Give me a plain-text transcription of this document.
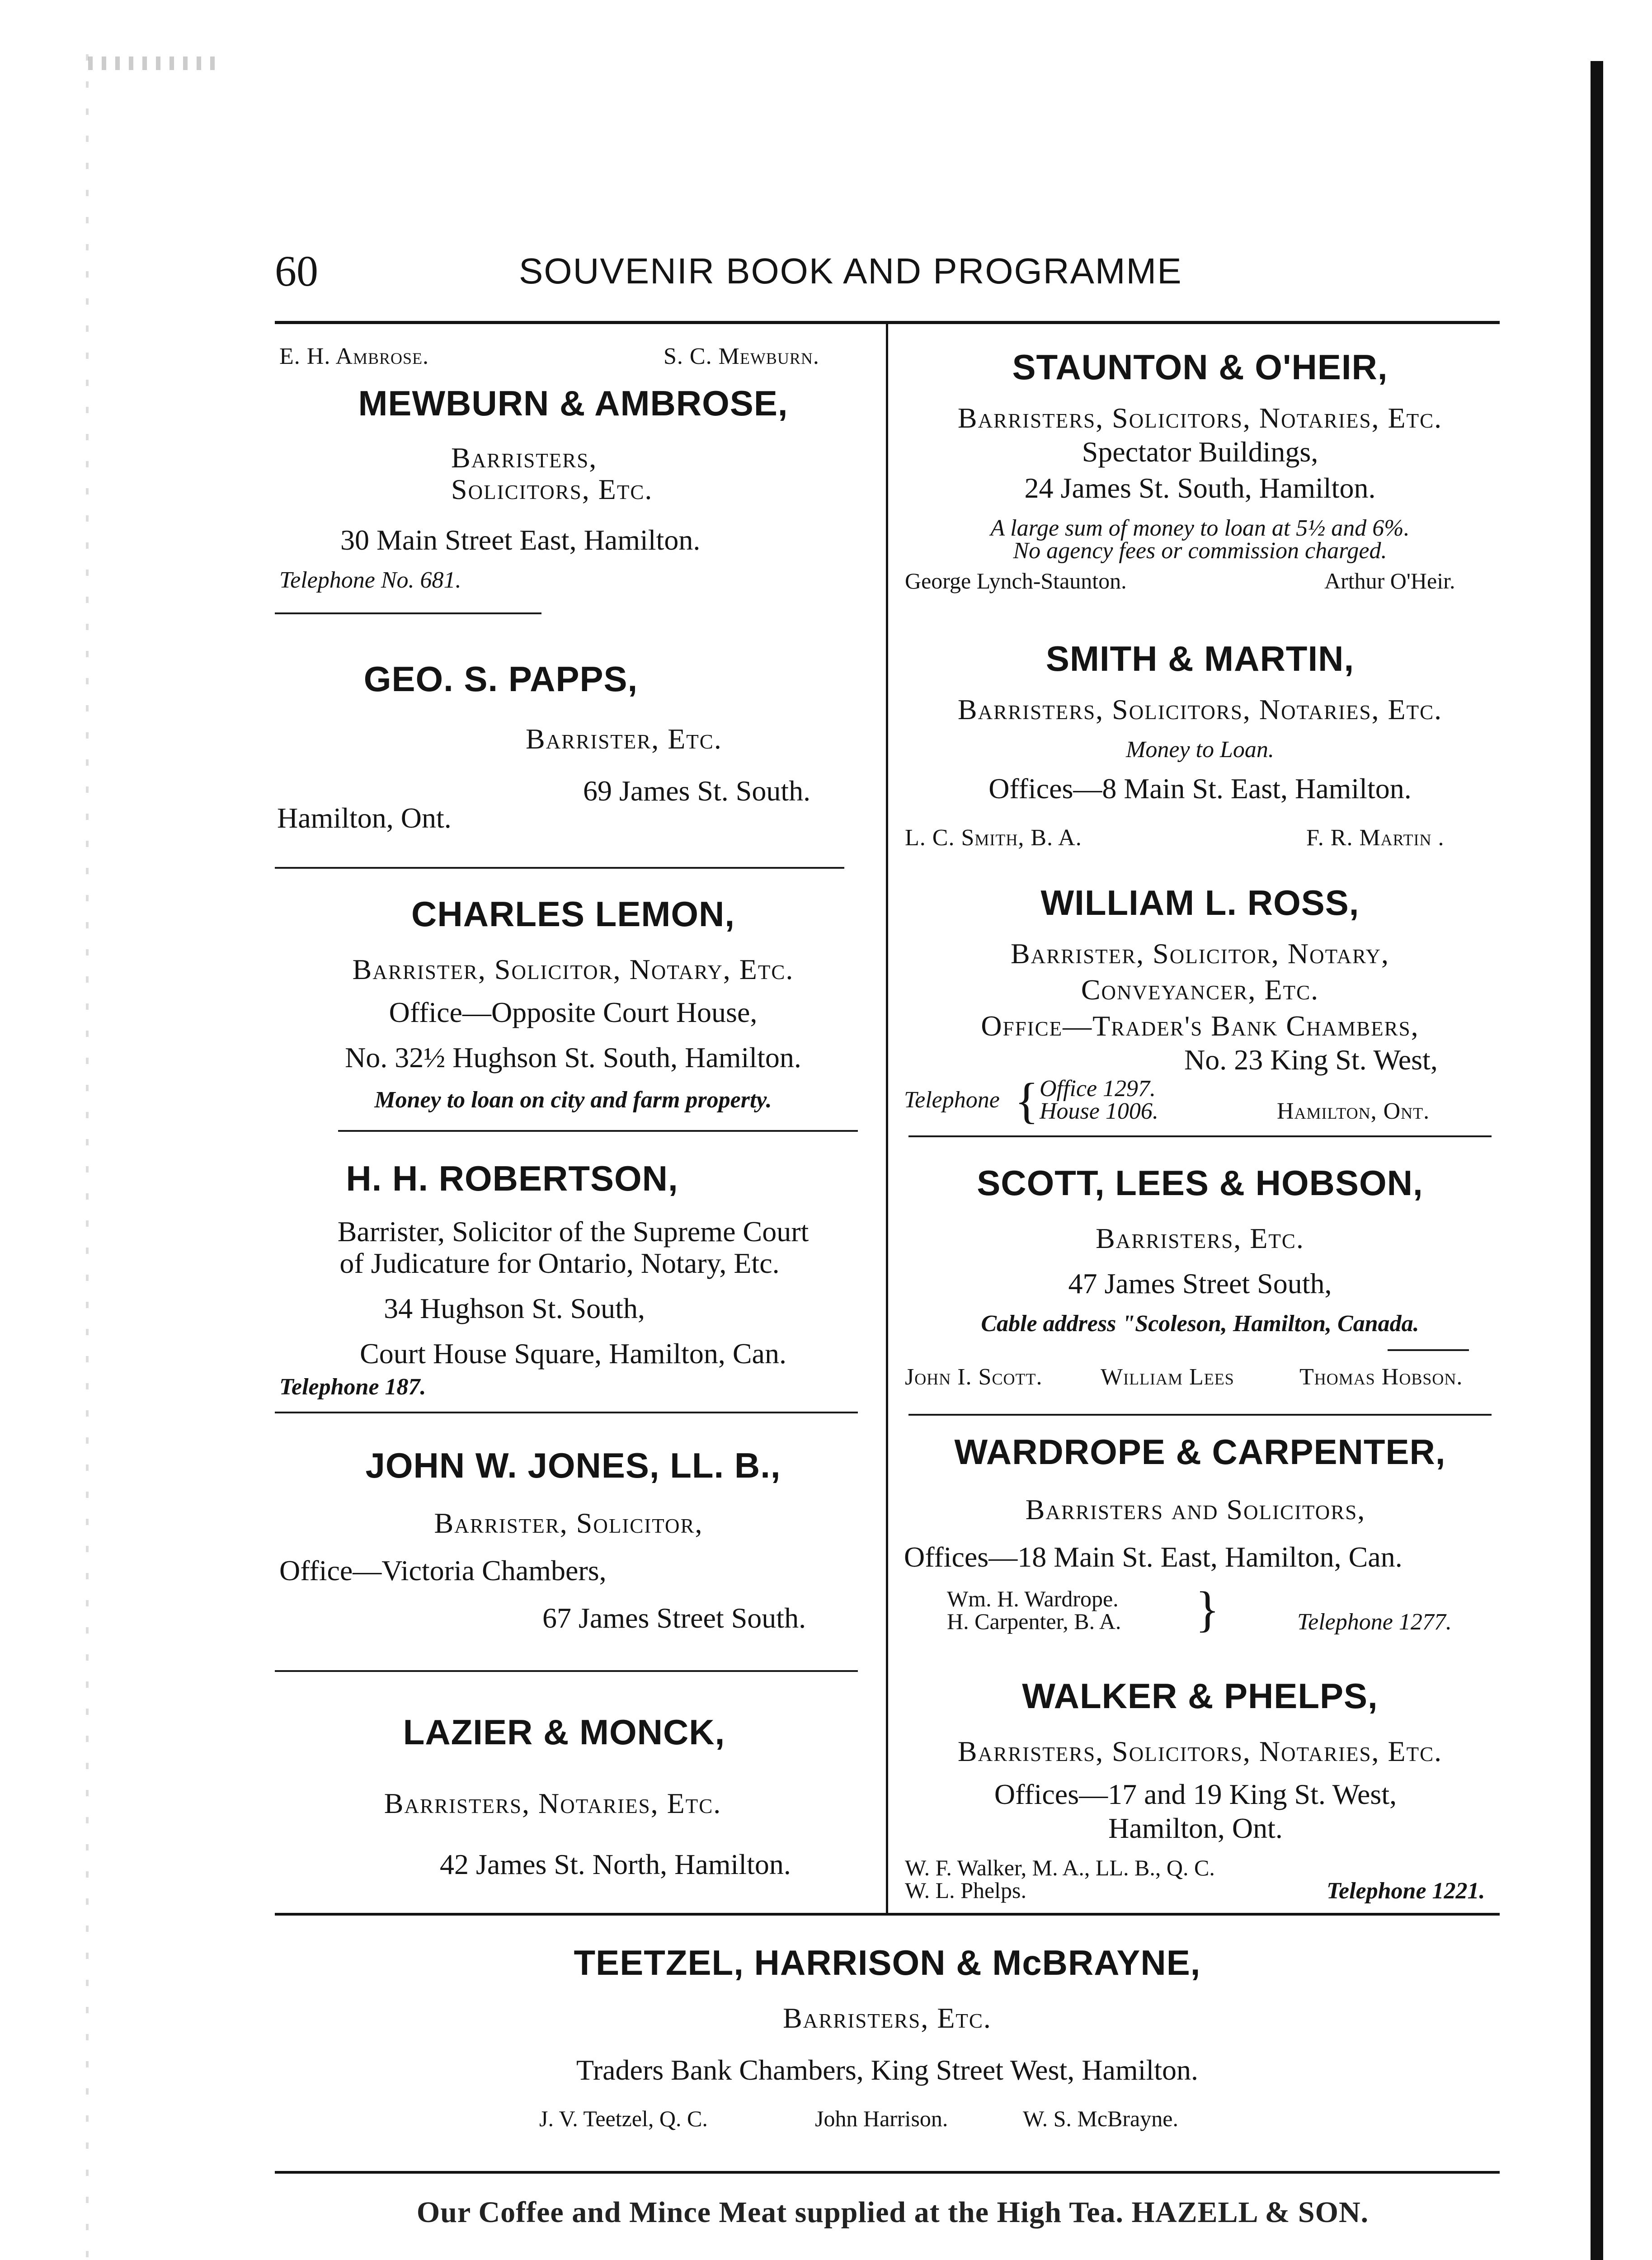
60	SOUVENIR BOOK AND PROGRAMME
E. H. Ambrose.	S. C. Mewburn.
MEWBURN & AMBROSE,
Barristers,
Solicitors, Etc.
30 Main Street East, Hamilton.
Telephone No. 681.
GEO. S. PAPPS,
Barrister, Etc.
69 James St. South.
Hamilton, Ont.
CHARLES LEMON,
Barrister, Solicitor, Notary, Etc.
Office—Opposite Court House,
No. 32½ Hughson St. South, Hamilton.
Money to loan on city and farm property.
H. H. ROBERTSON,
Barrister, Solicitor of the Supreme Court
of Judicature for Ontario, Notary, Etc.
34 Hughson St. South,
Court House Square, Hamilton, Can.
Telephone 187.
JOHN W. JONES, LL. B.,
Barrister, Solicitor,
Office—Victoria Chambers,
67 James Street South.
LAZIER & MONCK,
Barristers, Notaries, Etc.
42 James St. North, Hamilton.
STAUNTON & O'HEIR,
Barristers, Solicitors, Notaries, Etc.
Spectator Buildings,
24 James St. South, Hamilton.
A large sum of money to loan at 5½ and 6%.
No agency fees or commission charged.
George Lynch-Staunton.	Arthur O'Heir.
SMITH & MARTIN,
Barristers, Solicitors, Notaries, Etc.
Money to Loan.
Offices—8 Main St. East, Hamilton.
L. C. Smith, B. A.	F. R. Martin .
WILLIAM L. ROSS,
Barrister, Solicitor, Notary,
Conveyancer, Etc.
Office—Trader's Bank Chambers,
No. 23 King St. West,
Telephone { Office 1297.
House 1006.	Hamilton, Ont.
SCOTT, LEES & HOBSON,
Barristers, Etc.
47 James Street South,
Cable address "Scoleson, Hamilton, Canada.
John I. Scott. William Lees	Thomas Hobson.
WARDROPE & CARPENTER,
Barristers and Solicitors,
Offices—18 Main St. East, Hamilton, Can.
Wm. H. Wardrope.
H. Carpenter, B. A. }	Telephone 1277.
WALKER & PHELPS,
Barristers, Solicitors, Notaries, Etc.
Offices—17 and 19 King St. West,
Hamilton, Ont.
W. F. Walker, M. A., LL. B., Q. C.
W. L. Phelps.	Telephone 1221.
TEETZEL, HARRISON & McBRAYNE,
Barristers, Etc.
Traders Bank Chambers, King Street West, Hamilton.
J. V. Teetzel, Q. C.	John Harrison.	W. S. McBrayne.
Our Coffee and Mince Meat supplied at the High Tea. HAZELL & SON.
